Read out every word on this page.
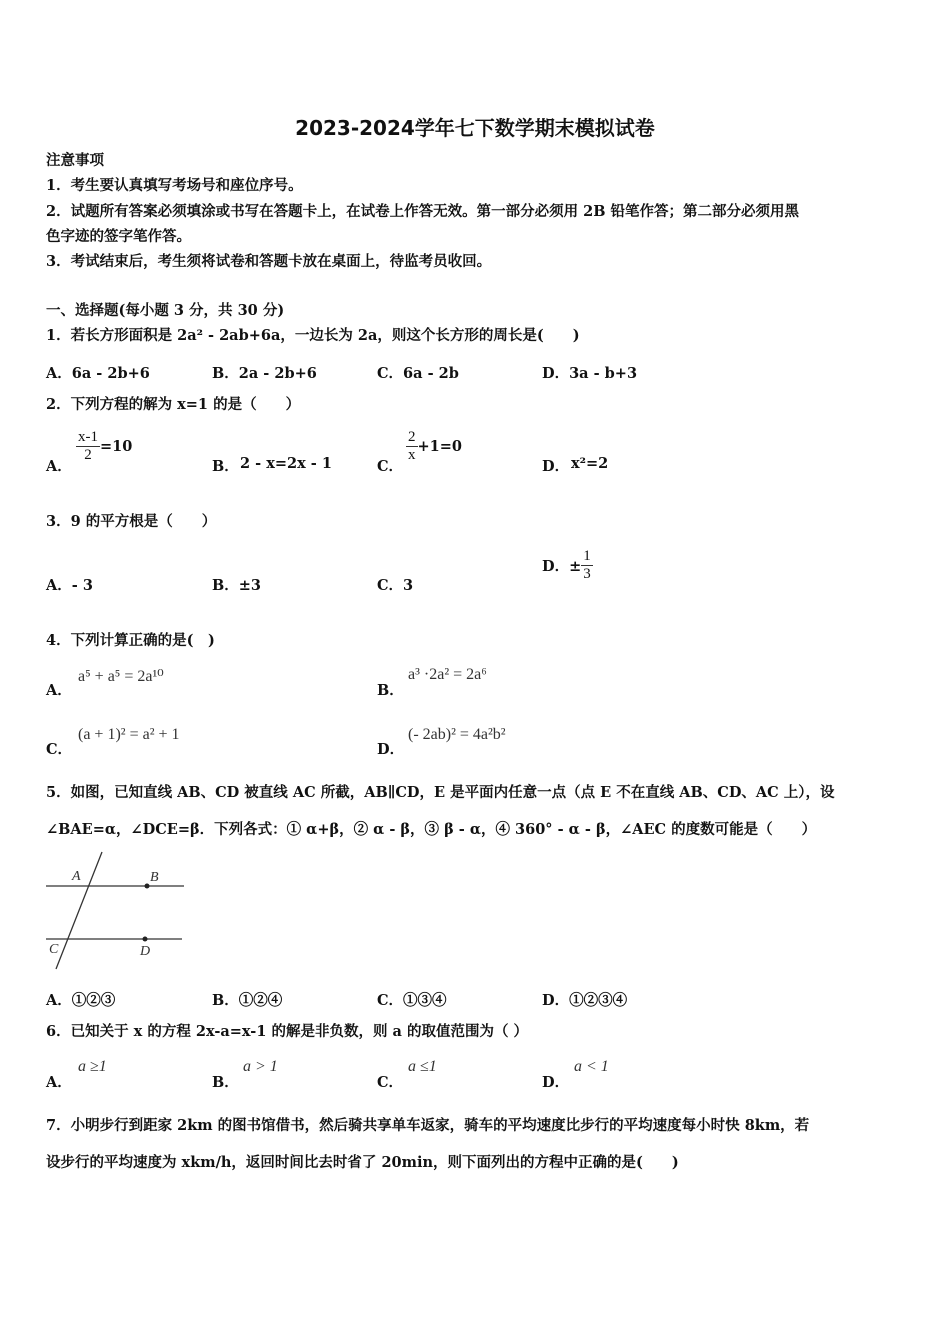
2023-2024学年七下数学期末模拟试卷
注意事项
1．考生要认真填写考场号和座位序号。
2．试题所有答案必须填涂或书写在答题卡上，在试卷上作答无效。第一部分必须用 2B 铅笔作答；第二部分必须用黑
色字迹的签字笔作答。
3．考试结束后，考生须将试卷和答题卡放在桌面上，待监考员收回。
一、选择题(每小题 3 分，共 30 分)
1．若长方形面积是 2a² - 2ab+6a，一边长为 2a，则这个长方形的周长是(　　)
A．6a - 2b+6	B．2a - 2b+6	C．6a - 2b	D．3a - b+3
2．下列方程的解为 x=1 的是（　　）
A．
$\frac{x-1}{2} =10$
B． 2 - x=2x - 1	C．
$\frac{2}{x} +1=0$
D． x²=2
3．9 的平方根是（　　）
A．- 3	B．±3	C．3
D．± $\frac{1}{3}$
4．下列计算正确的是(　)
A．
a⁵ + a⁵ = 2a¹⁰
B．
a³ ·2a² = 2a⁶
C．
(a + 1)² = a² + 1
D．
(- 2ab)² = 4a²b²
5．如图，已知直线 AB、CD 被直线 AC 所截，AB∥CD，E 是平面内任意一点（点 E 不在直线 AB、CD、AC 上），设
∠BAE=α，∠DCE=β．下列各式：① α+β，② α - β，③ β - α，④ 360° - α - β，∠AEC 的度数可能是（　　）
A	B
C	D
A．①②③	B．①②④	C．①③④	D．①②③④
6．已知关于 x 的方程 2x-a=x-1 的解是非负数，则 a 的取值范围为（ ）
A．
a ≥1
B．
a > 1
C．
a ≤1
D．
a < 1
7．小明步行到距家 2km 的图书馆借书，然后骑共享单车返家，骑车的平均速度比步行的平均速度每小时快 8km，若
设步行的平均速度为 xkm/h，返回时间比去时省了 20min，则下面列出的方程中正确的是(　　)
